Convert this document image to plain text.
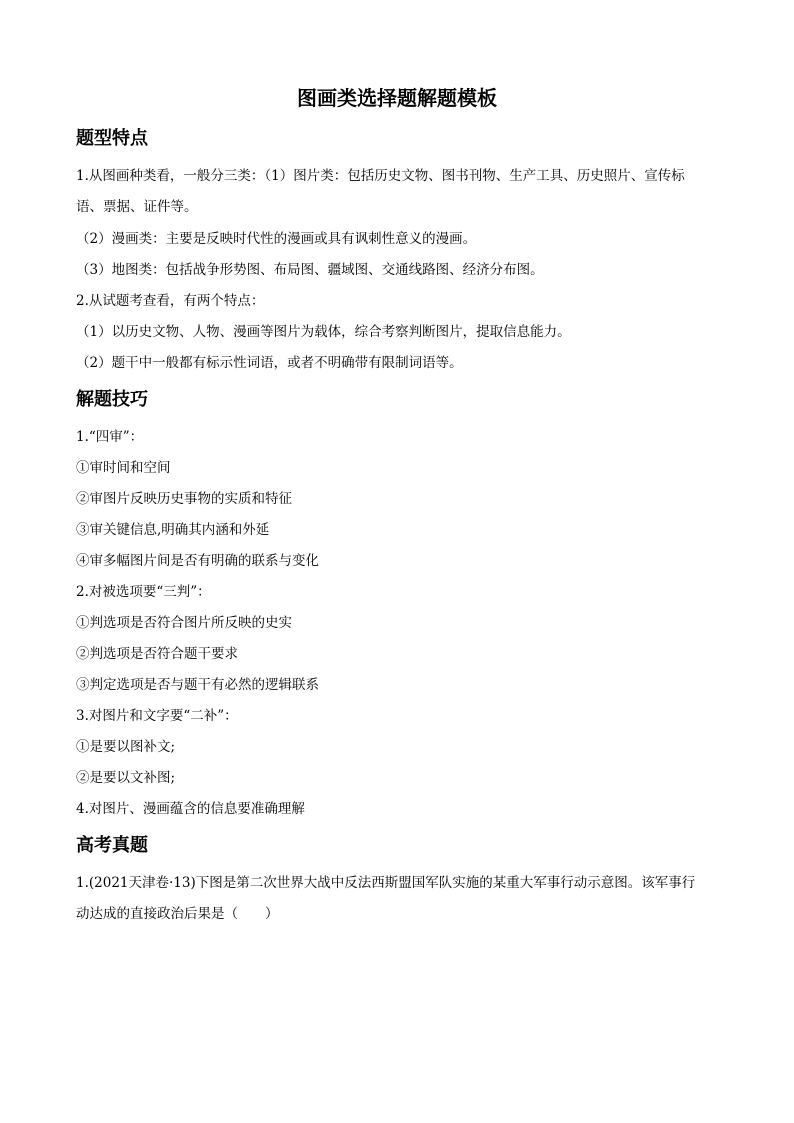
图画类选择题解题模板
题型特点
1.从图画种类看，一般分三类：（1）图片类：包括历史文物、图书刊物、生产工具、历史照片、宣传标
语、票据、证件等。
（2）漫画类：主要是反映时代性的漫画或具有讽刺性意义的漫画。
（3）地图类：包括战争形势图、布局图、疆域图、交通线路图、经济分布图。
2.从试题考查看，有两个特点：
（1）以历史文物、人物、漫画等图片为载体，综合考察判断图片，提取信息能力。
（2）题干中一般都有标示性词语，或者不明确带有限制词语等。
解题技巧
1.“四审”：
①审时间和空间
②审图片反映历史事物的实质和特征
③审关键信息,明确其内涵和外延
④审多幅图片间是否有明确的联系与变化
2.对被选项要“三判”：
①判选项是否符合图片所反映的史实
②判选项是否符合题干要求
③判定选项是否与题干有必然的逻辑联系
3.对图片和文字要“二补”：
①是要以图补文;
②是要以文补图;
4.对图片、漫画蕴含的信息要准确理解
高考真题
1.(2021天津卷·13)下图是第二次世界大战中反法西斯盟国军队实施的某重大军事行动示意图。该军事行
动达成的直接政治后果是（　　）
